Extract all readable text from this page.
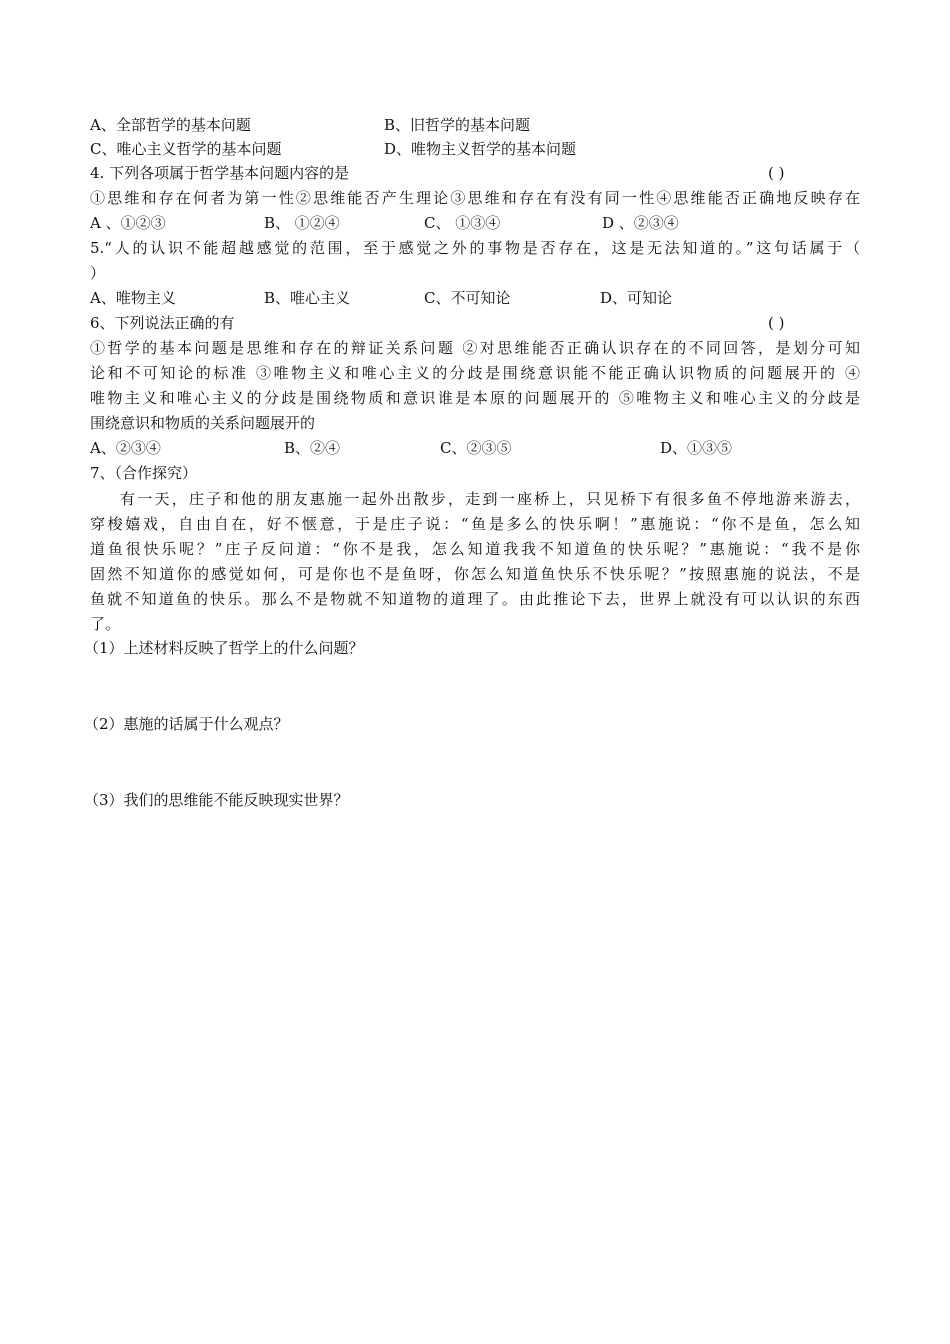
A、全部哲学的基本问题	B、旧哲学的基本问题
C、唯心主义哲学的基本问题	D、唯物主义哲学的基本问题
4. 下列各项属于哲学基本问题内容的是	( )
①思维和存在何者为第一性②思维能否产生理论③思维和存在有没有同一性④思维能否正确地反映存在
A 、①②③	B、 ①②④	C、 ①③④	D 、②③④
5.“人的认识不能超越感觉的范围，至于感觉之外的事物是否存在，这是无法知道的。”这句话属于（
）
A、唯物主义	B、唯心主义	C、不可知论	D、可知论
6、下列说法正确的有	( )
①哲学的基本问题是思维和存在的辩证关系问题 ②对思维能否正确认识存在的不同回答，是划分可知
论和不可知论的标准 ③唯物主义和唯心主义的分歧是围绕意识能不能正确认识物质的问题展开的 ④
唯物主义和唯心主义的分歧是围绕物质和意识谁是本原的问题展开的 ⑤唯物主义和唯心主义的分歧是
围绕意识和物质的关系问题展开的
A、②③④	B、②④	C、②③⑤	D、①③⑤
7、（合作探究）
有一天，庄子和他的朋友惠施一起外出散步，走到一座桥上，只见桥下有很多鱼不停地游来游去，
穿梭嬉戏，自由自在，好不惬意，于是庄子说：“鱼是多么的快乐啊！”惠施说：“你不是鱼，怎么知
道鱼很快乐呢？”庄子反问道：“你不是我，怎么知道我我不知道鱼的快乐呢？”惠施说：“我不是你
固然不知道你的感觉如何，可是你也不是鱼呀，你怎么知道鱼快乐不快乐呢？”按照惠施的说法，不是
鱼就不知道鱼的快乐。那么不是物就不知道物的道理了。由此推论下去，世界上就没有可以认识的东西
了。
（1）上述材料反映了哲学上的什么问题？
（2）惠施的话属于什么观点？
（3）我们的思维能不能反映现实世界？
